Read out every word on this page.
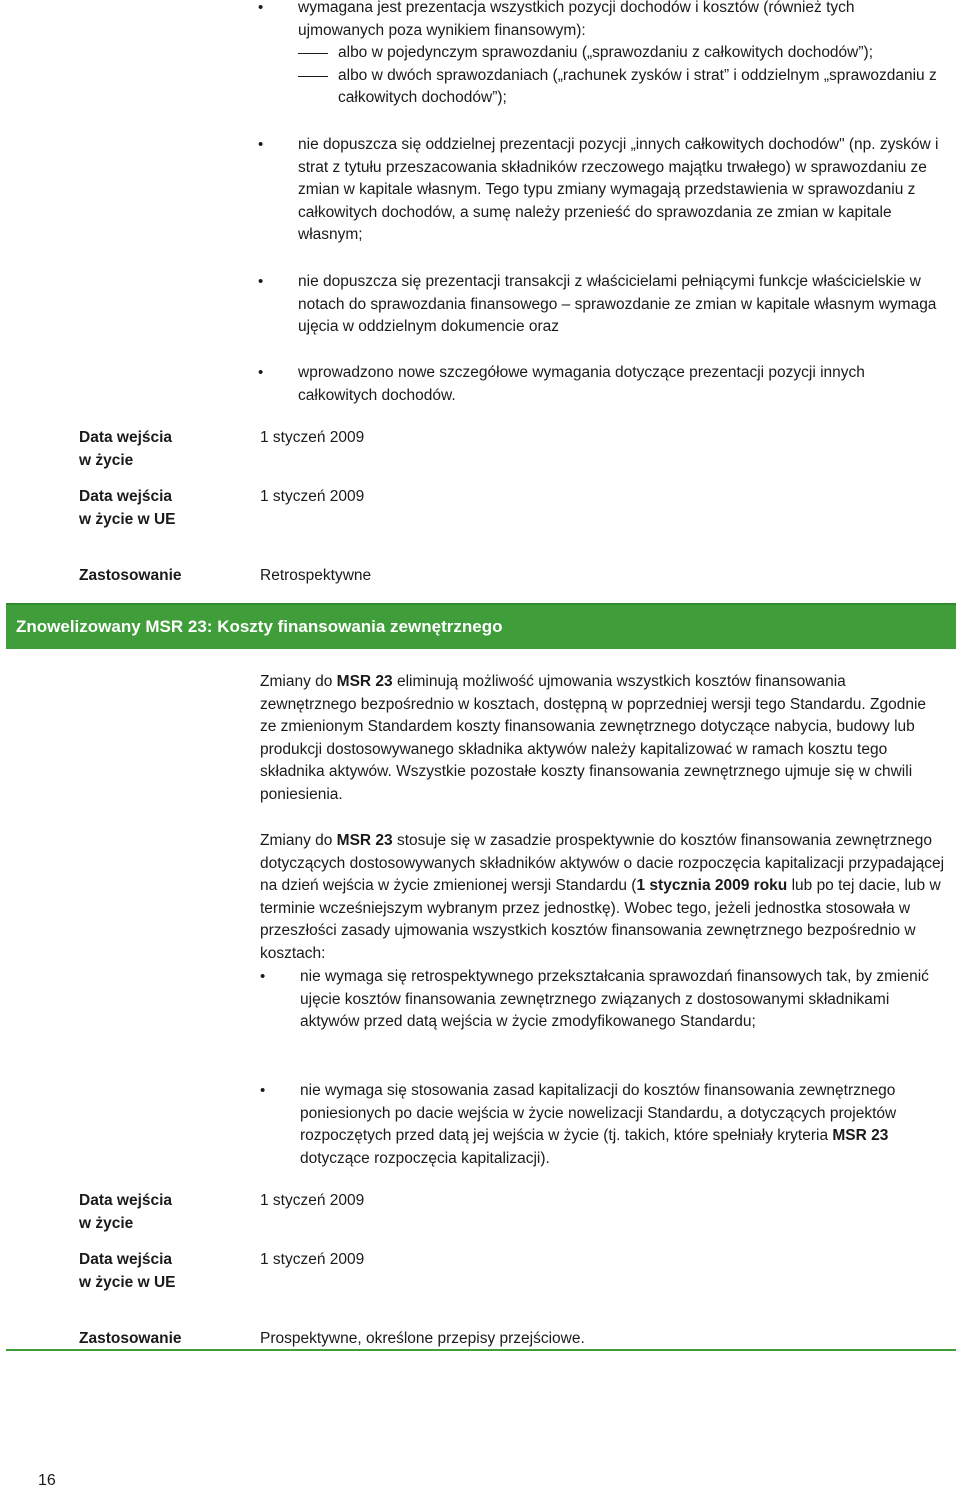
• wymagana jest prezentacja wszystkich pozycji dochodów i kosztów (również tych ujmowanych poza wynikiem finansowym):
albo w pojedynczym sprawozdaniu („sprawozdaniu z całkowitych dochodów”);
albo w dwóch sprawozdaniach („rachunek zysków i strat” i oddzielnym „sprawozdaniu z całkowitych dochodów”);
• nie dopuszcza się oddzielnej prezentacji pozycji „innych całkowitych dochodów" (np. zysków i strat z tytułu przeszacowania składników rzeczowego majątku trwałego) w sprawozdaniu ze zmian w kapitale własnym. Tego typu zmiany wymagają przedstawienia w sprawozdaniu z całkowitych dochodów, a sumę należy przenieść do sprawozdania ze zmian w kapitale własnym;
• nie dopuszcza się prezentacji transakcji z właścicielami pełniącymi funkcje właścicielskie w notach do sprawozdania finansowego – sprawozdanie ze zmian w kapitale własnym wymaga ujęcia w oddzielnym dokumencie oraz
• wprowadzono nowe szczegółowe wymagania dotyczące prezentacji pozycji innych całkowitych dochodów.
Data wejścia
w życie
1 styczeń 2009
Data wejścia
w życie w UE
1 styczeń 2009
Zastosowanie	Retrospektywne
Znowelizowany MSR 23: Koszty finansowania zewnętrznego
Zmiany do MSR 23 eliminują możliwość ujmowania wszystkich kosztów finansowania zewnętrznego bezpośrednio w kosztach, dostępną w poprzedniej wersji tego Standardu. Zgodnie ze zmienionym Standardem koszty finansowania zewnętrznego dotyczące nabycia, budowy lub produkcji dostosowywanego składnika aktywów należy kapitalizować w ramach kosztu tego składnika aktywów. Wszystkie pozostałe koszty finansowania zewnętrznego ujmuje się w chwili poniesienia.
Zmiany do MSR 23 stosuje się w zasadzie prospektywnie do kosztów finansowania zewnętrznego dotyczących dostosowywanych składników aktywów o dacie rozpoczęcia kapitalizacji przypadającej na dzień wejścia w życie zmienionej wersji Standardu (1 stycznia 2009 roku lub po tej dacie, lub w terminie wcześniejszym wybranym przez jednostkę). Wobec tego, jeżeli jednostka stosowała w przeszłości zasady ujmowania wszystkich kosztów finansowania zewnętrznego bezpośrednio w kosztach:
• nie wymaga się retrospektywnego przekształcania sprawozdań finansowych tak, by zmienić ujęcie kosztów finansowania zewnętrznego związanych z dostosowanymi składnikami aktywów przed datą wejścia w życie zmodyfikowanego Standardu;
• nie wymaga się stosowania zasad kapitalizacji do kosztów finansowania zewnętrznego poniesionych po dacie wejścia w życie nowelizacji Standardu, a dotyczących projektów rozpoczętych przed datą jej wejścia w życie (tj. takich, które spełniały kryteria MSR 23 dotyczące rozpoczęcia kapitalizacji).
Data wejścia
w życie
1 styczeń 2009
Data wejścia
w życie w UE
1 styczeń 2009
Zastosowanie	Prospektywne, określone przepisy przejściowe.
16
